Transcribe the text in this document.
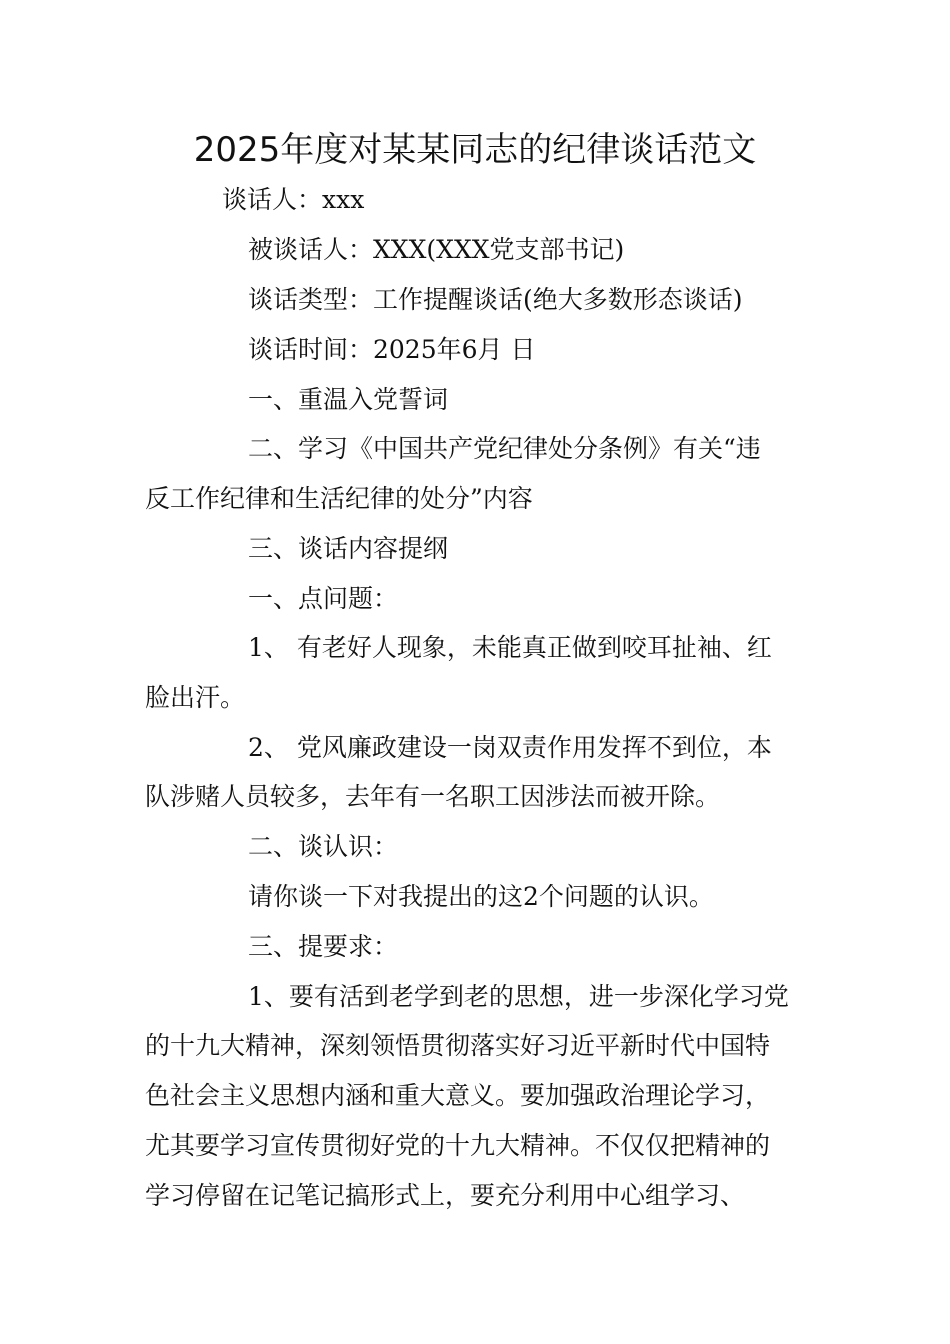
2025年度对某某同志的纪律谈话范文

谈话人：xxx

被谈话人：XXX(XXX党支部书记)

谈话类型：工作提醒谈话(绝大多数形态谈话)

谈话时间：2025年6月 日

一、重温入党誓词

二、学习《中国共产党纪律处分条例》有关“违

反工作纪律和生活纪律的处分”内容

三、谈话内容提纲

一、点问题：

1、 有老好人现象，未能真正做到咬耳扯袖、红

脸出汗。

2、 党风廉政建设一岗双责作用发挥不到位，本

队涉赌人员较多，去年有一名职工因涉法而被开除。

二、谈认识：

请你谈一下对我提出的这2个问题的认识。

三、提要求：

1、要有活到老学到老的思想，进一步深化学习党

的十九大精神，深刻领悟贯彻落实好习近平新时代中国特

色社会主义思想内涵和重大意义。要加强政治理论学习，

尤其要学习宣传贯彻好党的十九大精神。不仅仅把精神的

学习停留在记笔记搞形式上，要充分利用中心组学习、
